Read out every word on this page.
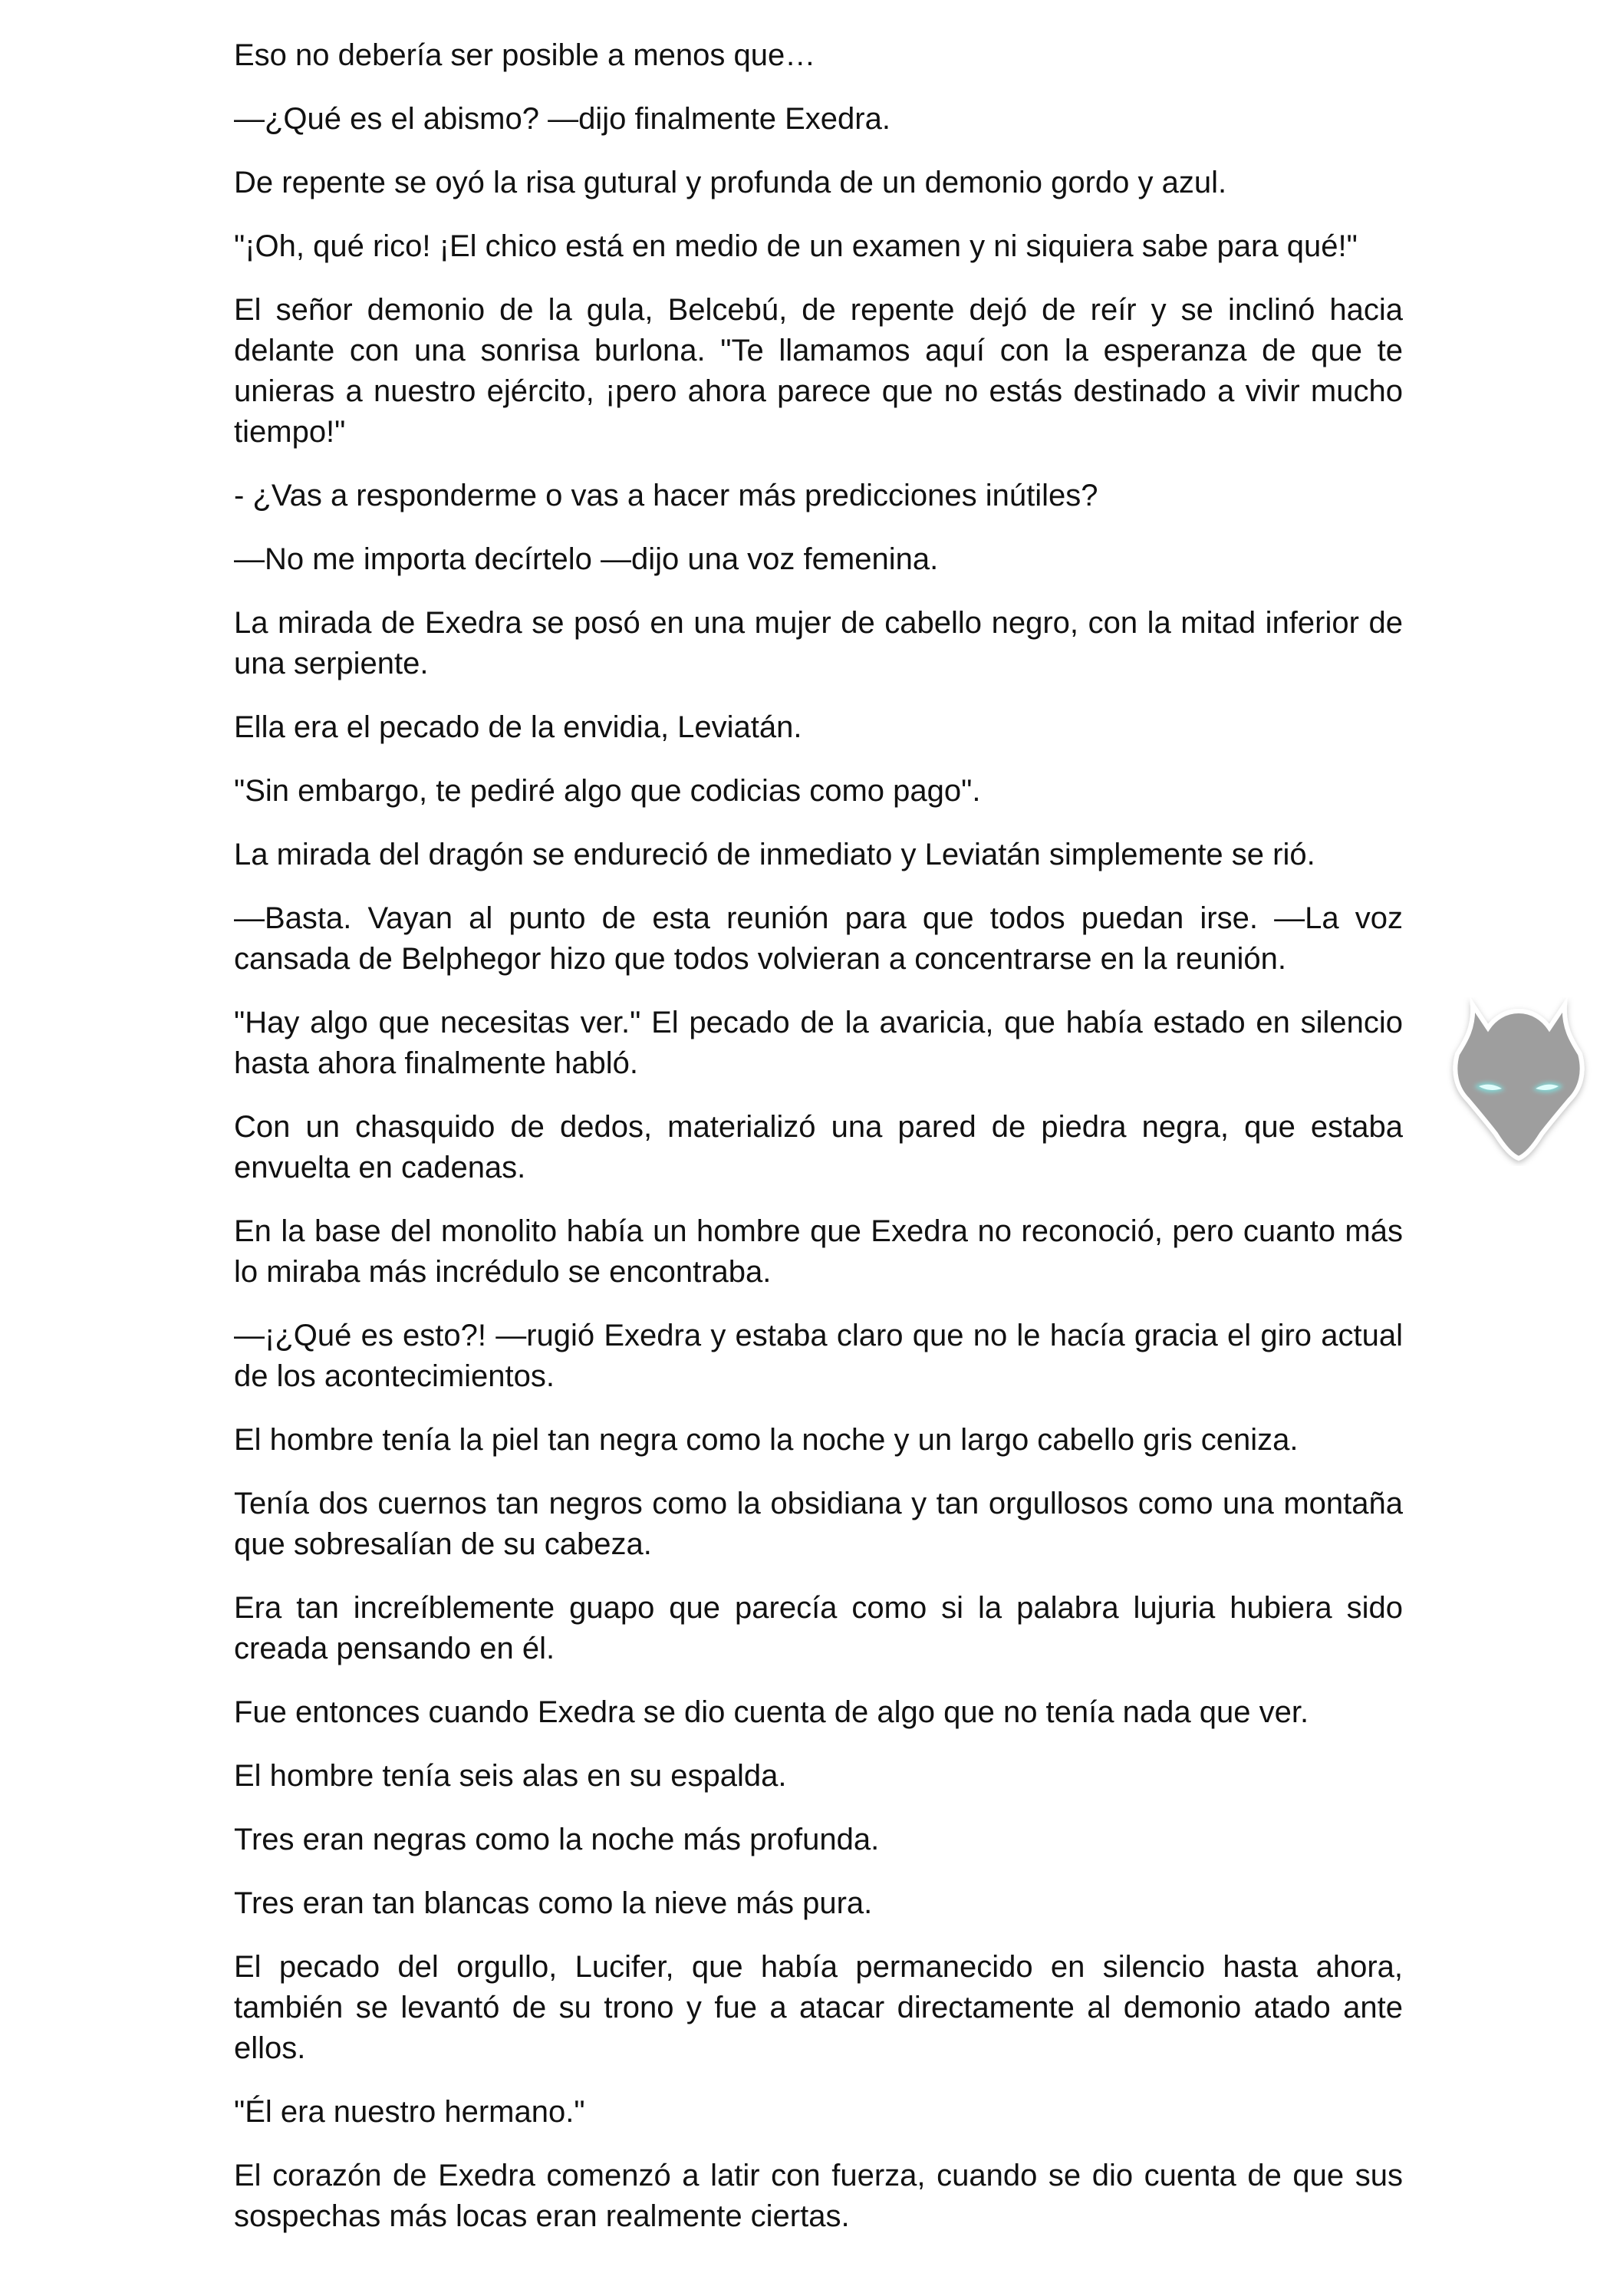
Eso no debería ser posible a menos que…

—¿Qué es el abismo? —dijo finalmente Exedra.

De repente se oyó la risa gutural y profunda de un demonio gordo y azul.

"¡Oh, qué rico! ¡El chico está en medio de un examen y ni siquiera sabe para qué!"

El señor demonio de la gula, Belcebú, de repente dejó de reír y se inclinó hacia delante con una sonrisa burlona. "Te llamamos aquí con la esperanza de que te unieras a nuestro ejército, ¡pero ahora parece que no estás destinado a vivir mucho tiempo!"

- ¿Vas a responderme o vas a hacer más predicciones inútiles?

—No me importa decírtelo —dijo una voz femenina.

La mirada de Exedra se posó en una mujer de cabello negro, con la mitad inferior de una serpiente.

Ella era el pecado de la envidia, Leviatán.

"Sin embargo, te pediré algo que codicias como pago".

La mirada del dragón se endureció de inmediato y Leviatán simplemente se rió.

—Basta. Vayan al punto de esta reunión para que todos puedan irse. —La voz cansada de Belphegor hizo que todos volvieran a concentrarse en la reunión.

"Hay algo que necesitas ver." El pecado de la avaricia, que había estado en silencio hasta ahora finalmente habló.

Con un chasquido de dedos, materializó una pared de piedra negra, que estaba envuelta en cadenas.

En la base del monolito había un hombre que Exedra no reconoció, pero cuanto más lo miraba más incrédulo se encontraba.

—¡¿Qué es esto?! —rugió Exedra y estaba claro que no le hacía gracia el giro actual de los acontecimientos.

El hombre tenía la piel tan negra como la noche y un largo cabello gris ceniza.

Tenía dos cuernos tan negros como la obsidiana y tan orgullosos como una montaña que sobresalían de su cabeza.

Era tan increíblemente guapo que parecía como si la palabra lujuria hubiera sido creada pensando en él.

Fue entonces cuando Exedra se dio cuenta de algo que no tenía nada que ver.

El hombre tenía seis alas en su espalda.

Tres eran negras como la noche más profunda.

Tres eran tan blancas como la nieve más pura.

El pecado del orgullo, Lucifer, que había permanecido en silencio hasta ahora, también se levantó de su trono y fue a atacar directamente al demonio atado ante ellos.

"Él era nuestro hermano."

El corazón de Exedra comenzó a latir con fuerza, cuando se dio cuenta de que sus sospechas más locas eran realmente ciertas.
